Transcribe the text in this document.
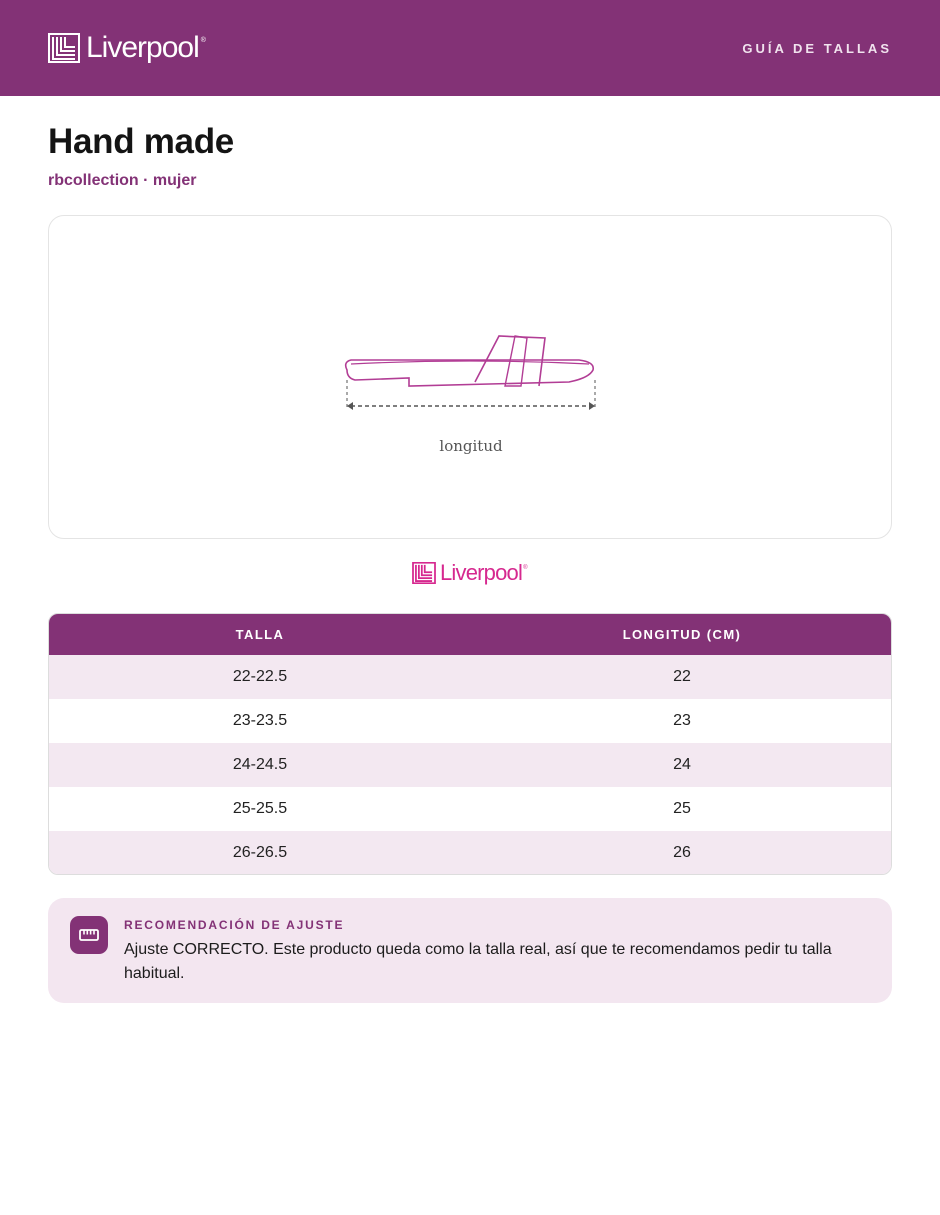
Liverpool ®	GUÍA DE TALLAS
Hand made
rbcollection · mujer
longitud
Liverpool ®
TALLA	LONGITUD (CM)
22-22.5	22
23-23.5	23
24-24.5	24
25-25.5	25
26-26.5	26
RECOMENDACIÓN DE AJUSTE

Ajuste CORRECTO. Este producto queda como la talla real, así que te recomendamos pedir tu talla habitual.
